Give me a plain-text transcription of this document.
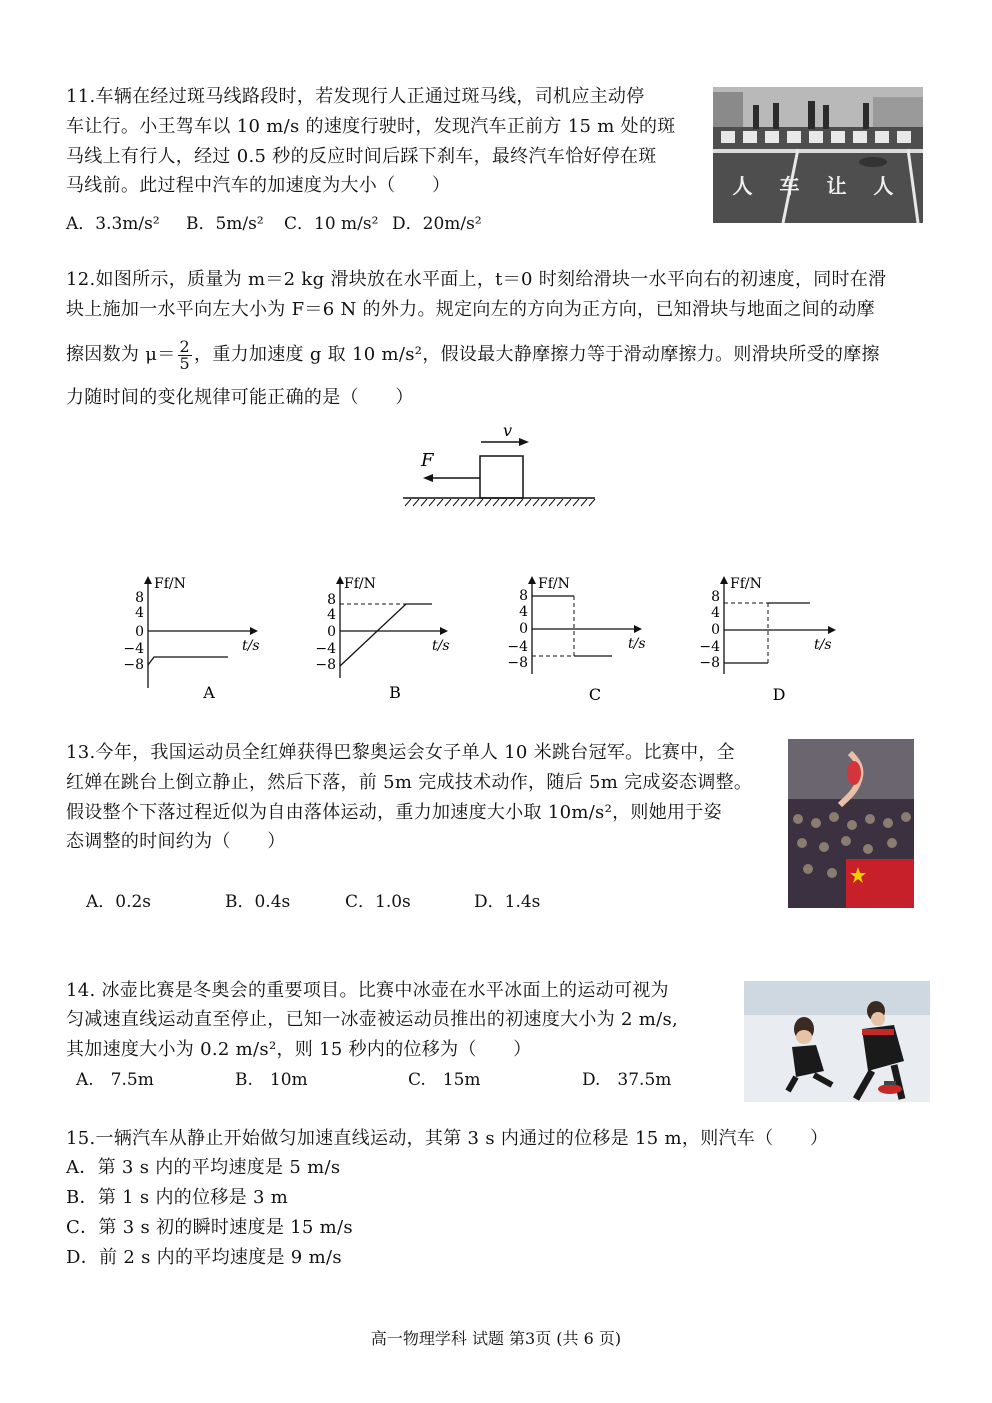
11.车辆在经过斑马线路段时，若发现行人正通过斑马线，司机应主动停
车让行。小王驾车以 10 m/s 的速度行驶时，发现汽车正前方 15 m 处的斑
马线上有行人，经过 0.5 秒的反应时间后踩下刹车，最终汽车恰好停在斑
马线前。此过程中汽车的加速度为大小（　　）
A．3.3m/s² B．5m/s² C．10 m/s² D．20m/s²
人 车 让 人
12.如图所示，质量为 m＝2 kg 滑块放在水平面上，t＝0 时刻给滑块一水平向右的初速度，同时在滑
块上施加一水平向左大小为 F＝6 N 的外力。规定向左的方向为正方向，已知滑块与地面之间的动摩
擦因数为 $\mu= \frac{2}{5}$ ，重力加速度 g 取 10 m/s²，假设最大静摩擦力等于滑动摩擦力。则滑块所受的摩擦
力随时间的变化规律可能正确的是（　　）
F
v
Ff/N
t/s
8
4
0
−4
−8
A
Ff/N
t/s
8
4
0
−4
−8
B
Ff/N
t/s
8
4
0
−4
−8
C
Ff/N
t/s
8
4
0
−4
−8
D
13.今年，我国运动员全红婵获得巴黎奥运会女子单人 10 米跳台冠军。比赛中，全
红婵在跳台上倒立静止，然后下落，前 5m 完成技术动作，随后 5m 完成姿态调整。
假设整个下落过程近似为自由落体运动，重力加速度大小取 10m/s²，则她用于姿
态调整的时间约为（　　）
A．0.2s	B．0.4s	C．1.0s	D．1.4s
14. 冰壶比赛是冬奥会的重要项目。比赛中冰壶在水平冰面上的运动可视为
匀减速直线运动直至停止，已知一冰壶被运动员推出的初速度大小为 2 m/s,
其加速度大小为 0.2 m/s²，则 15 秒内的位移为（　　）
A.　7.5m	B.　10m	C.　15m	D.　37.5m
15.一辆汽车从静止开始做匀加速直线运动，其第 3 s 内通过的位移是 15 m，则汽车（　　）
A．第 3 s 内的平均速度是 5 m/s
B．第 1 s 内的位移是 3 m
C．第 3 s 初的瞬时速度是 15 m/s
D．前 2 s 内的平均速度是 9 m/s
高一物理学科 试题 第3页 (共 6 页)
